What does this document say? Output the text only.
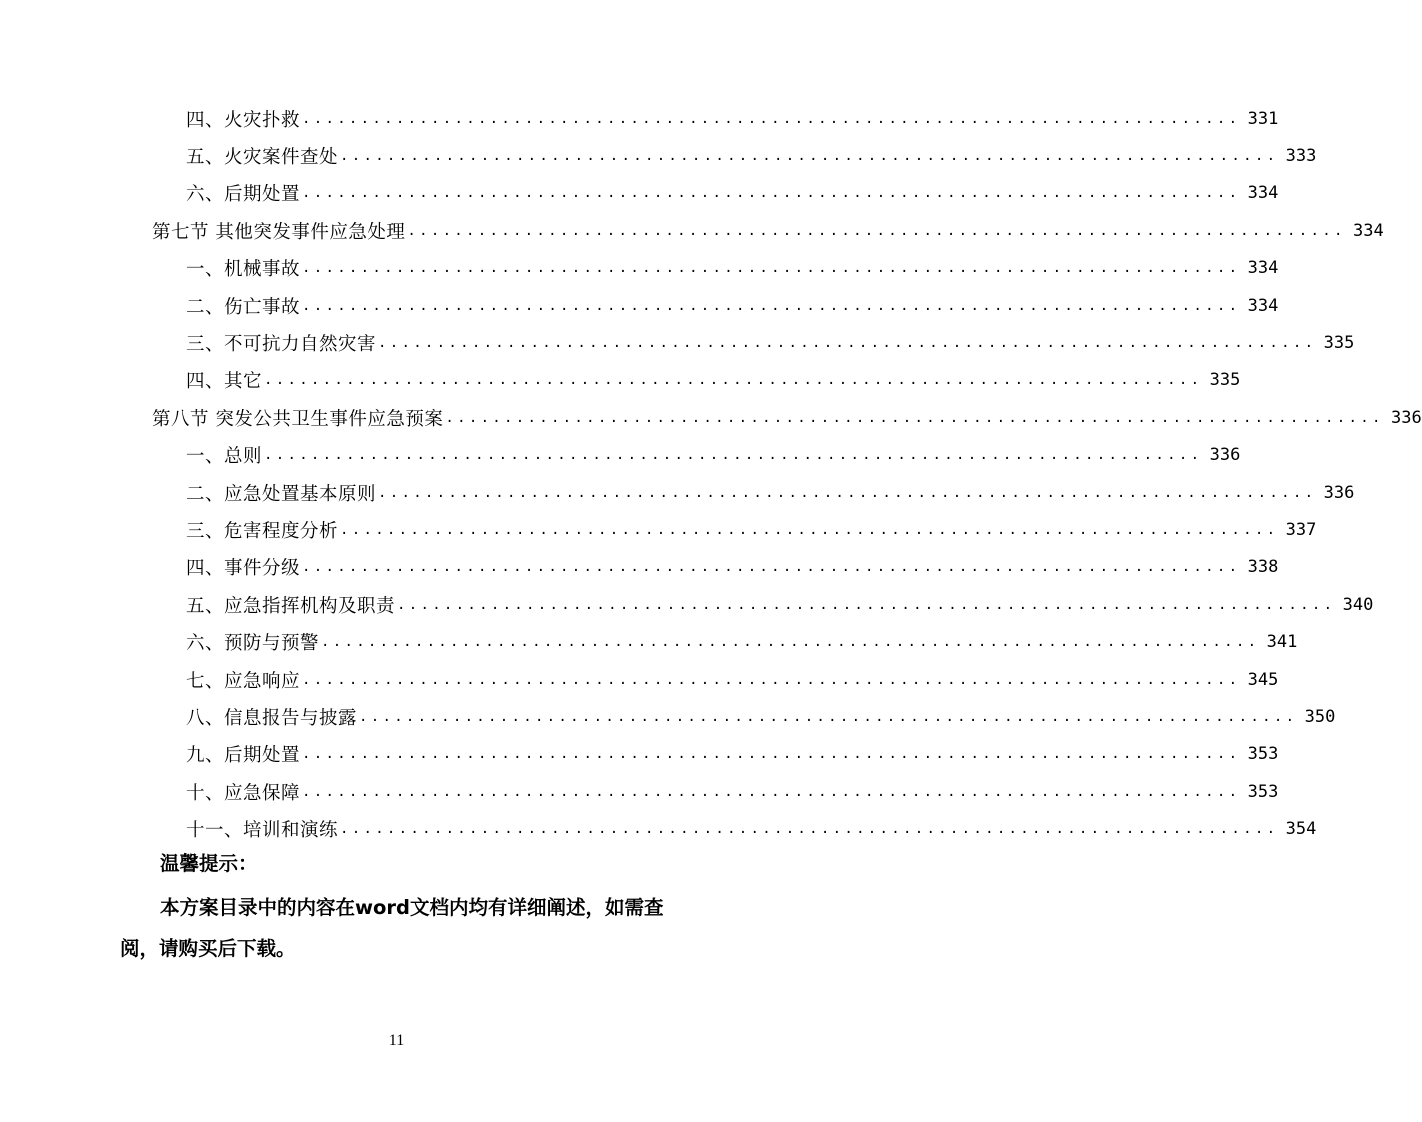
四、火灾扑救 ................................................................................ 331
五、火灾案件查处 ................................................................................ 333
六、后期处置 ................................................................................ 334
第七节 其他突发事件应急处理 ................................................................................ 334
一、机械事故 ................................................................................ 334
二、伤亡事故 ................................................................................ 334
三、不可抗力自然灾害 ................................................................................ 335
四、其它 ................................................................................ 335
第八节 突发公共卫生事件应急预案 ................................................................................ 336
一、总则 ................................................................................ 336
二、应急处置基本原则 ................................................................................ 336
三、危害程度分析 ................................................................................ 337
四、事件分级 ................................................................................ 338
五、应急指挥机构及职责 ................................................................................ 340
六、预防与预警 ................................................................................ 341
七、应急响应 ................................................................................ 345
八、信息报告与披露 ................................................................................ 350
九、后期处置 ................................................................................ 353
十、应急保障 ................................................................................ 353
十一、培训和演练 ................................................................................ 354
温馨提示：
本方案目录中的内容在word文档内均有详细阐述，如需查阅，请购买后下载。
11
